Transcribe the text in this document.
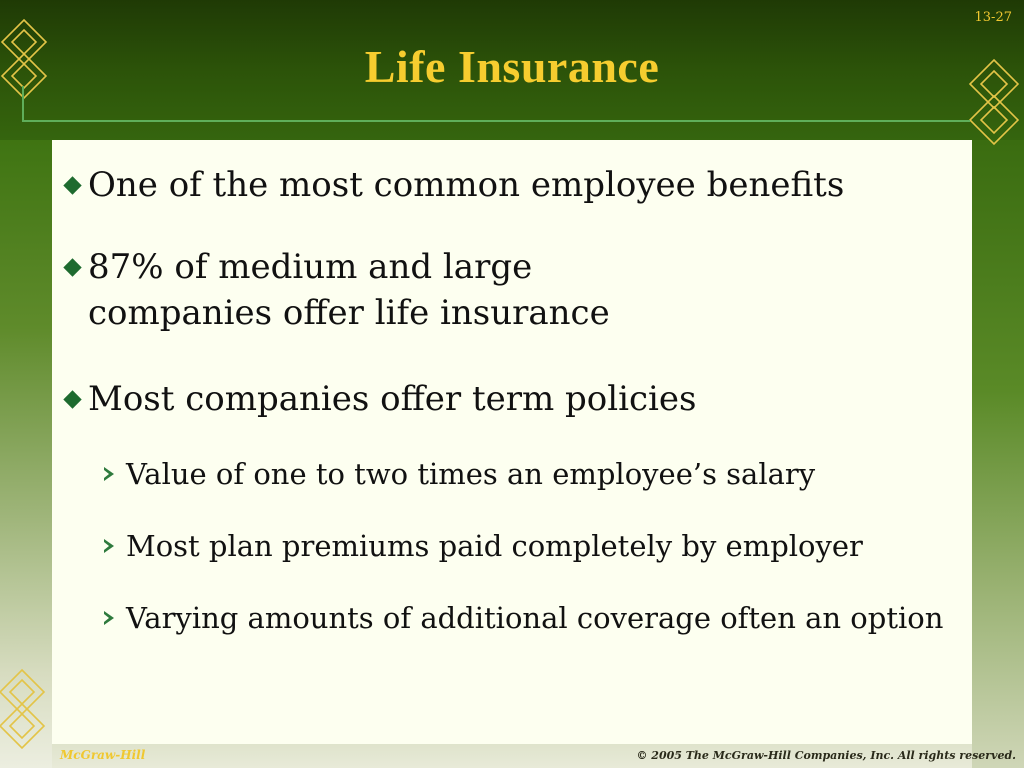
13-27
Life Insurance
One of the most common employee benefits
87% of medium and large
companies offer life insurance
Most companies offer term policies
Value of one to two times an employee’s salary
Most plan premiums paid completely by employer
Varying amounts of additional coverage often an option
McGraw-Hill	© 2005 The McGraw-Hill Companies, Inc. All rights reserved.
